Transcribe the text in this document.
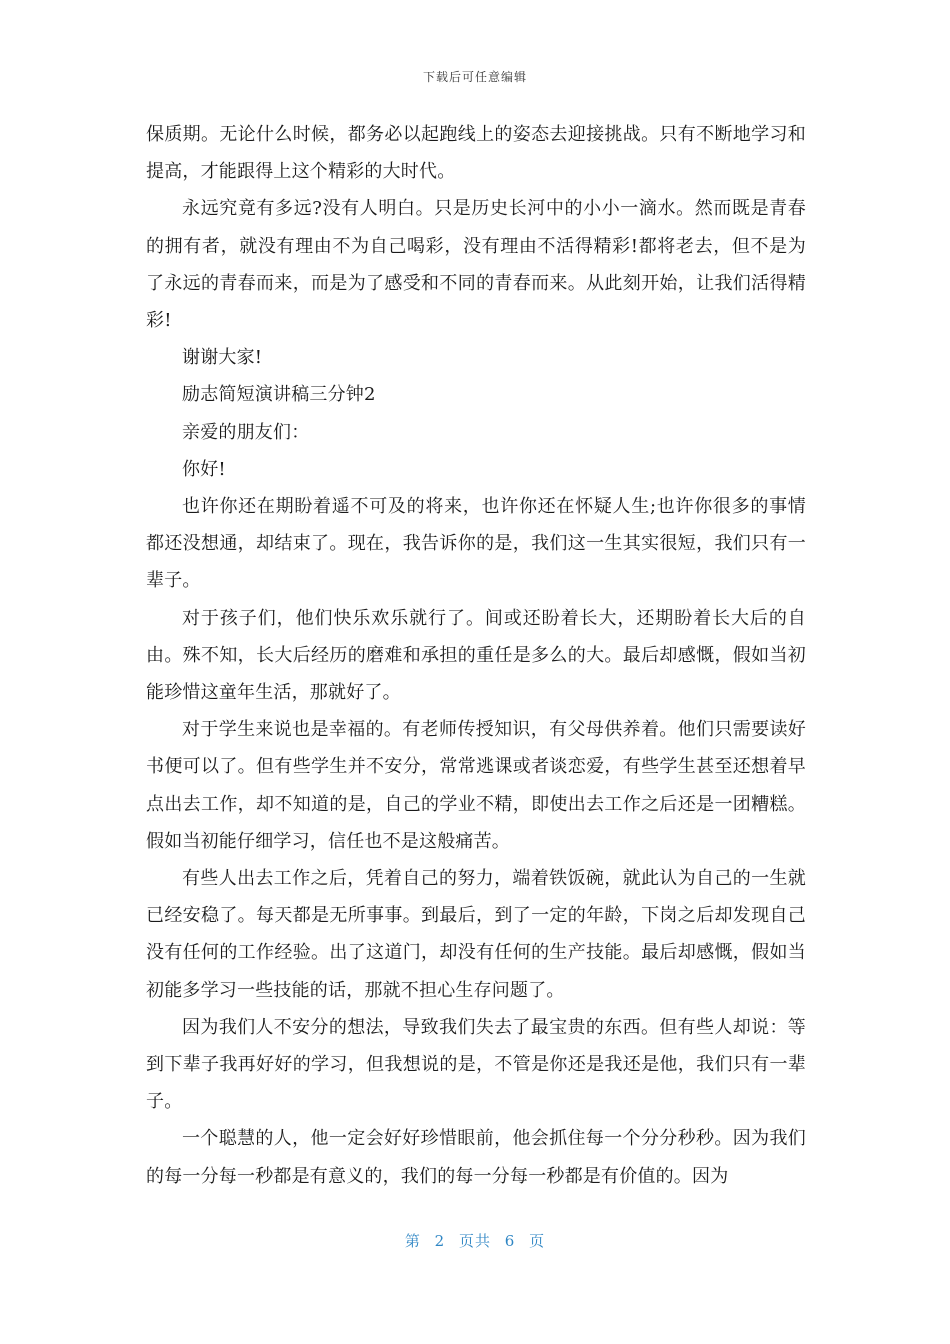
下载后可任意编辑

保质期。无论什么时候，都务必以起跑线上的姿态去迎接挑战。只有不断地学习和提高，才能跟得上这个精彩的大时代。

永远究竟有多远?没有人明白。只是历史长河中的小小一滴水。然而既是青春的拥有者，就没有理由不为自己喝彩，没有理由不活得精彩!都将老去，但不是为了永远的青春而来，而是为了感受和不同的青春而来。从此刻开始，让我们活得精彩!

谢谢大家!

励志简短演讲稿三分钟2

亲爱的朋友们：

你好!

也许你还在期盼着遥不可及的将来，也许你还在怀疑人生;也许你很多的事情都还没想通，却结束了。现在，我告诉你的是，我们这一生其实很短，我们只有一辈子。

对于孩子们，他们快乐欢乐就行了。间或还盼着长大，还期盼着长大后的自由。殊不知，长大后经历的磨难和承担的重任是多么的大。最后却感慨，假如当初能珍惜这童年生活，那就好了。

对于学生来说也是幸福的。有老师传授知识，有父母供养着。他们只需要读好书便可以了。但有些学生并不安分，常常逃课或者谈恋爱，有些学生甚至还想着早点出去工作，却不知道的是，自己的学业不精，即使出去工作之后还是一团糟糕。假如当初能仔细学习，信任也不是这般痛苦。

有些人出去工作之后，凭着自己的努力，端着铁饭碗，就此认为自己的一生就已经安稳了。每天都是无所事事。到最后，到了一定的年龄，下岗之后却发现自己没有任何的工作经验。出了这道门，却没有任何的生产技能。最后却感慨，假如当初能多学习一些技能的话，那就不担心生存问题了。

因为我们人不安分的想法，导致我们失去了最宝贵的东西。但有些人却说：等到下辈子我再好好的学习，但我想说的是，不管是你还是我还是他，我们只有一辈子。

一个聪慧的人，他一定会好好珍惜眼前，他会抓住每一个分分秒秒。因为我们的每一分每一秒都是有意义的，我们的每一分每一秒都是有价值的。因为

第 2 页共 6 页
